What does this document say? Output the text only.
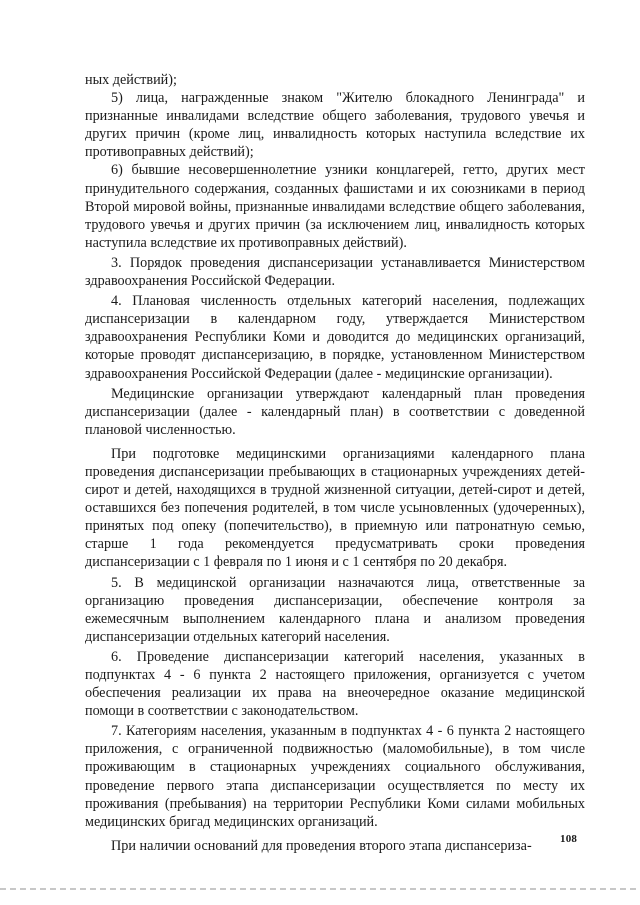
ных действий);

5) лица, награжденные знаком "Жителю блокадного Ленинграда" и признанные инвалидами вследствие общего заболевания, трудового увечья и других причин (кроме лиц, инвалидность которых наступила вследствие их противоправных действий);

6) бывшие несовершеннолетние узники концлагерей, гетто, других мест принудительного содержания, созданных фашистами и их союзниками в период Второй мировой войны, признанные инвалидами вследствие общего заболевания, трудового увечья и других причин (за исключением лиц, инвалидность которых наступила вследствие их противоправных действий).

3. Порядок проведения диспансеризации устанавливается Министерством здравоохранения Российской Федерации.

4. Плановая численность отдельных категорий населения, подлежащих диспансеризации в календарном году, утверждается Министерством здравоохранения Республики Коми и доводится до медицинских организаций, которые проводят диспансеризацию, в порядке, установленном Министерством здравоохранения Российской Федерации (далее - медицинские организации).

Медицинские организации утверждают календарный план проведения диспансеризации (далее - календарный план) в соответствии с доведенной плановой численностью.

При подготовке медицинскими организациями календарного плана проведения диспансеризации пребывающих в стационарных учреждениях детей-сирот и детей, находящихся в трудной жизненной ситуации, детей-сирот и детей, оставшихся без попечения родителей, в том числе усыновленных (удочеренных), принятых под опеку (попечительство), в приемную или патронатную семью, старше 1 года рекомендуется предусматривать сроки проведения диспансеризации с 1 февраля по 1 июня и с 1 сентября по 20 декабря.

5. В медицинской организации назначаются лица, ответственные за организацию проведения диспансеризации, обеспечение контроля за ежемесячным выполнением календарного плана и анализом проведения диспансеризации отдельных категорий населения.

6. Проведение диспансеризации категорий населения, указанных в подпунктах 4 - 6 пункта 2 настоящего приложения, организуется с учетом обеспечения реализации их права на внеочередное оказание медицинской помощи в соответствии с законодательством.

7. Категориям населения, указанным в подпунктах 4 - 6 пункта 2 настоящего приложения, с ограниченной подвижностью (маломобильные), в том числе проживающим в стационарных учреждениях социального обслуживания, проведение первого этапа диспансеризации осуществляется по месту их проживания (пребывания) на территории Республики Коми силами мобильных медицинских бригад медицинских организаций.

При наличии оснований для проведения второго этапа диспансериза-	108
